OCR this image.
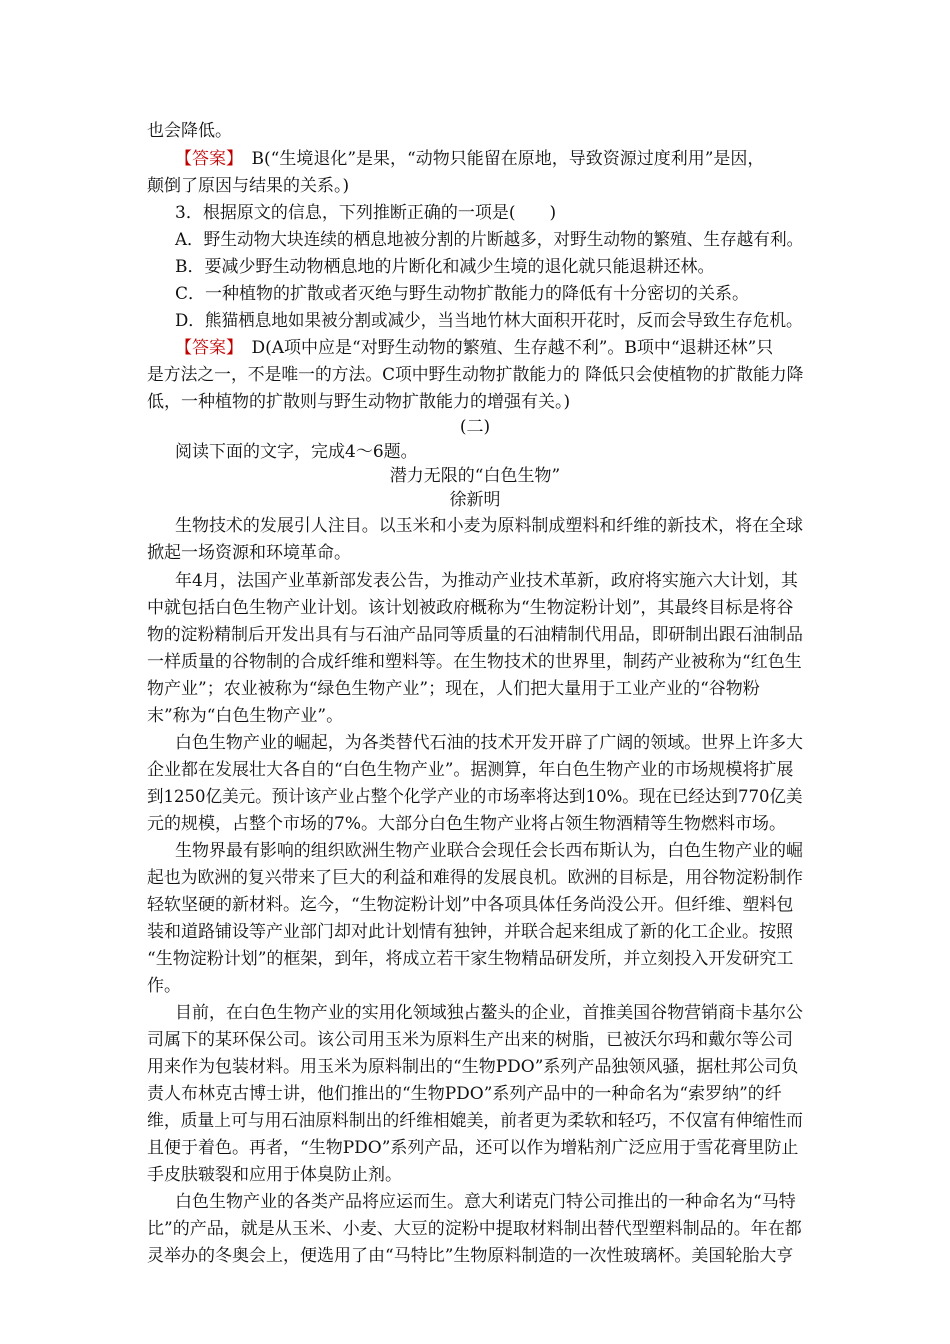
也会降低。
【答案】　B(“生境退化”是果，“动物只能留在原地，导致资源过度利用”是因，
颠倒了原因与结果的关系。)
3．根据原文的信息，下列推断正确的一项是(　　)
A．野生动物大块连续的栖息地被分割的片断越多，对野生动物的繁殖、生存越有利。
B．要减少野生动物栖息地的片断化和减少生境的退化就只能退耕还林。
C．一种植物的扩散或者灭绝与野生动物扩散能力的降低有十分密切的关系。
D．熊猫栖息地如果被分割或减少，当当地竹林大面积开花时，反而会导致生存危机。
【答案】　D(A项中应是“对野生动物的繁殖、生存越不利”。B项中“退耕还林”只
是方法之一，不是唯一的方法。C项中野生动物扩散能力的 降低只会使植物的扩散能力降
低，一种植物的扩散则与野生动物扩散能力的增强有关。)
(二)
阅读下面的文字，完成4～6题。
潜力无限的“白色生物”
徐新明
生物技术的发展引人注目。以玉米和小麦为原料制成塑料和纤维的新技术，将在全球
掀起一场资源和环境革命。
年4月，法国产业革新部发表公告，为推动产业技术革新，政府将实施六大计划，其
中就包括白色生物产业计划。该计划被政府概称为“生物淀粉计划”，其最终目标是将谷
物的淀粉精制后开发出具有与石油产品同等质量的石油精制代用品，即研制出跟石油制品
一样质量的谷物制的合成纤维和塑料等。在生物技术的世界里，制药产业被称为“红色生
物产业”；农业被称为“绿色生物产业”；现在，人们把大量用于工业产业的“谷物粉
末”称为“白色生物产业”。
白色生物产业的崛起，为各类替代石油的技术开发开辟了广阔的领域。世界上许多大
企业都在发展壮大各自的“白色生物产业”。据测算，年白色生物产业的市场规模将扩展
到1250亿美元。预计该产业占整个化学产业的市场率将达到10%。现在已经达到770亿美
元的规模，占整个市场的7%。大部分白色生物产业将占领生物酒精等生物燃料市场。
生物界最有影响的组织欧洲生物产业联合会现任会长西布斯认为，白色生物产业的崛
起也为欧洲的复兴带来了巨大的利益和难得的发展良机。欧洲的目标是，用谷物淀粉制作
轻软坚硬的新材料。迄今，“生物淀粉计划”中各项具体任务尚没公开。但纤维、塑料包
装和道路铺设等产业部门却对此计划情有独钟，并联合起来组成了新的化工企业。按照
“生物淀粉计划”的框架，到年，将成立若干家生物精品研发所，并立刻投入开发研究工
作。
目前，在白色生物产业的实用化领域独占鳌头的企业，首推美国谷物营销商卡基尔公
司属下的某环保公司。该公司用玉米为原料生产出来的树脂，已被沃尔玛和戴尔等公司
用来作为包装材料。用玉米为原料制出的“生物PDO”系列产品独领风骚，据杜邦公司负
责人布林克古博士讲，他们推出的“生物PDO”系列产品中的一种命名为“索罗纳”的纤
维，质量上可与用石油原料制出的纤维相媲美，前者更为柔软和轻巧，不仅富有伸缩性而
且便于着色。再者，“生物PDO”系列产品，还可以作为增粘剂广泛应用于雪花膏里防止
手皮肤皲裂和应用于体臭防止剂。
白色生物产业的各类产品将应运而生。意大利诺克门特公司推出的一种命名为“马特
比”的产品，就是从玉米、小麦、大豆的淀粉中提取材料制出替代型塑料制品的。年在都
灵举办的冬奥会上，便选用了由“马特比”生物原料制造的一次性玻璃杯。美国轮胎大亨
